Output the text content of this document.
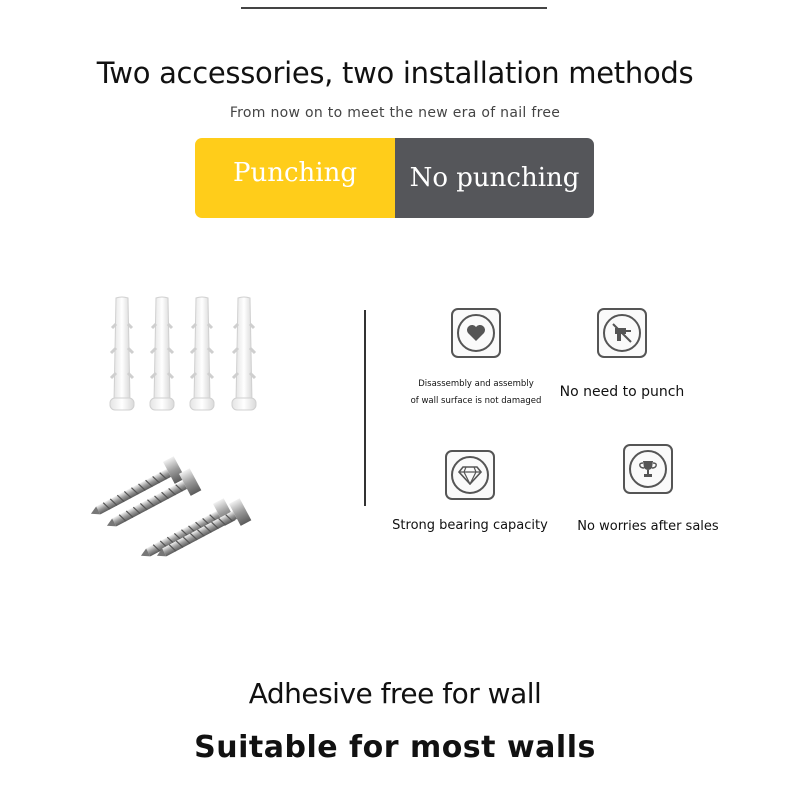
Two accessories, two installation methods
From now on to meet the new era of nail free
Punching	No punching
Disassembly and assembly
of wall surface is not damaged
No need to punch
Strong bearing capacity	No worries after sales
Adhesive free for wall
Suitable for most walls
